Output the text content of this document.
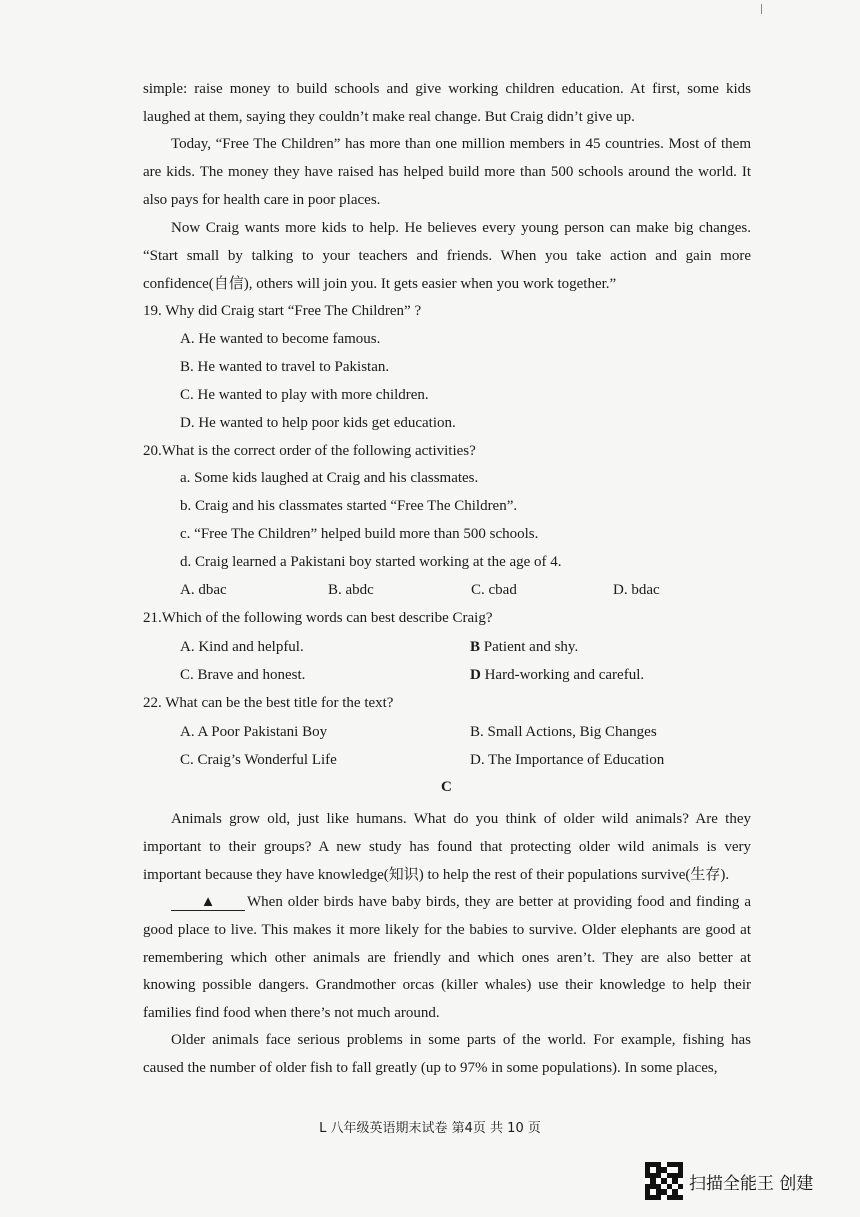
simple: raise money to build schools and give working children education. At first, some kids laughed at them, saying they couldn’t make real change. But Craig didn’t give up.

Today, “Free The Children” has more than one million members in 45 countries. Most of them are kids. The money they have raised has helped build more than 500 schools around the world. It also pays for health care in poor places.

Now Craig wants more kids to help. He believes every young person can make big changes. “Start small by talking to your teachers and friends. When you take action and gain more confidence(自信), others will join you. It gets easier when you work together.”

19. Why did Craig start “Free The Children” ?
A. He wanted to become famous.
B. He wanted to travel to Pakistan.
C. He wanted to play with more children.
D. He wanted to help poor kids get education.
20.What is the correct order of the following activities?
a. Some kids laughed at Craig and his classmates.
b. Craig and his classmates started “Free The Children”.
c. “Free The Children” helped build more than 500 schools.
d. Craig learned a Pakistani boy started working at the age of 4.
A. dbac	B. abdc	C. cbad	D. bdac
21.Which of the following words can best describe Craig?
A. Kind and helpful.	B Patient and shy.
C. Brave and honest.	D Hard-working and careful.
22. What can be the best title for the text?
A. A Poor Pakistani Boy	B. Small Actions, Big Changes
C. Craig’s Wonderful Life	D. The Importance of Education
C

Animals grow old, just like humans. What do you think of older wild animals? Are they important to their groups? A new study has found that protecting older wild animals is very important because they have knowledge(知识) to help the rest of their populations survive(生存).

▲ When older birds have baby birds, they are better at providing food and finding a good place to live. This makes it more likely for the babies to survive. Older elephants are good at remembering which other animals are friendly and which ones aren’t. They are also better at knowing possible dangers. Grandmother orcas (killer whales) use their knowledge to help their families find food when there’s not much around.

Older animals face serious problems in some parts of the world. For example, fishing has caused the number of older fish to fall greatly (up to 97% in some populations). In some places,

L 八年级英语期末试卷 第4页 共 10 页
扫描全能王 创建
